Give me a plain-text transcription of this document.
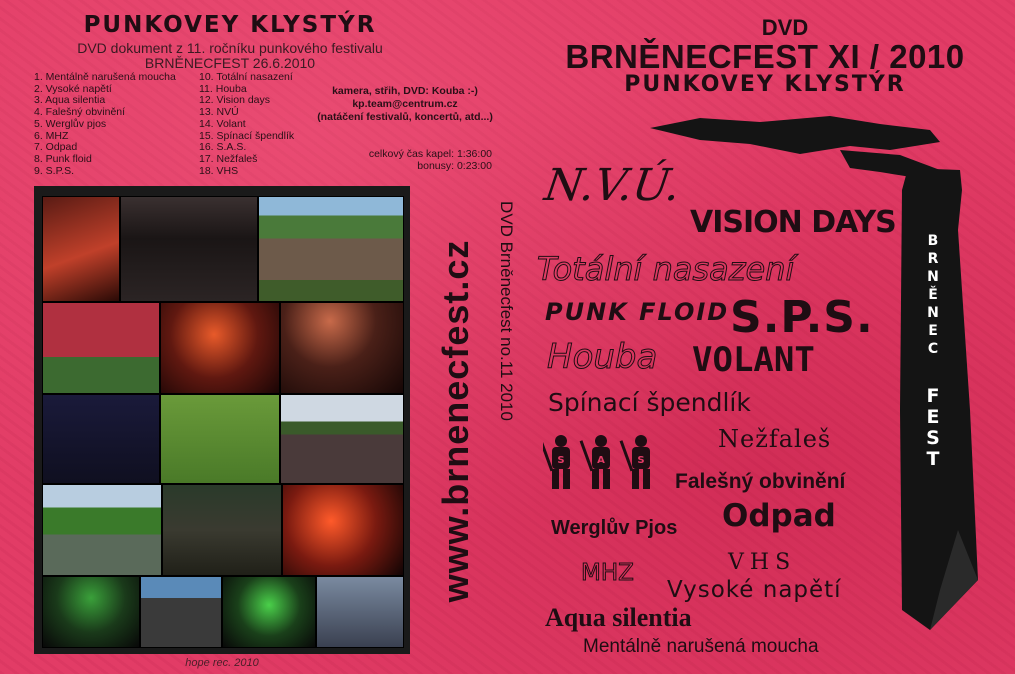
PUNKOVEY KLYSTÝR
DVD dokument z 11. ročníku punkového festivalu
BRNĚNECFEST 26.6.2010
1. Mentálně narušená moucha
2. Vysoké napětí
3. Aqua silentia
4. Falešný obvinění
5. Werglův pjos
6. MHZ
7. Odpad
8. Punk floid
9. S.P.S.
10. Totální nasazení
11. Houba
12. Vision days
13. NVÚ
14. Volant
15. Spínací špendlík
16. S.A.S.
17. Nežfaleš
18. VHS
kamera, střih, DVD: Kouba :-)
kp.team@centrum.cz
(natáčení festivalů, koncertů, atd...)
celkový čas kapel: 1:36:00
bonusy: 0:23:00
hope rec. 2010
www.brnenecfest.cz DVD Brněnecfest no.11 2010
DVD
BRNĚNECFEST XI / 2010
PUNKOVEY KLYSTÝR
B
R
N
Ě
N
E
C
F
E
S
T
N.V.Ú.
VISION DAYS
Totální nasazení
PUNK FLOID S.P.S.
Houba VOLANT
Spínací špendlík
Nežfaleš
S	A	S
Falešný obvinění
Odpad
Werglův Pjos
VHS
MHZ
Vysoké napětí
Aqua silentia
Mentálně narušená moucha
